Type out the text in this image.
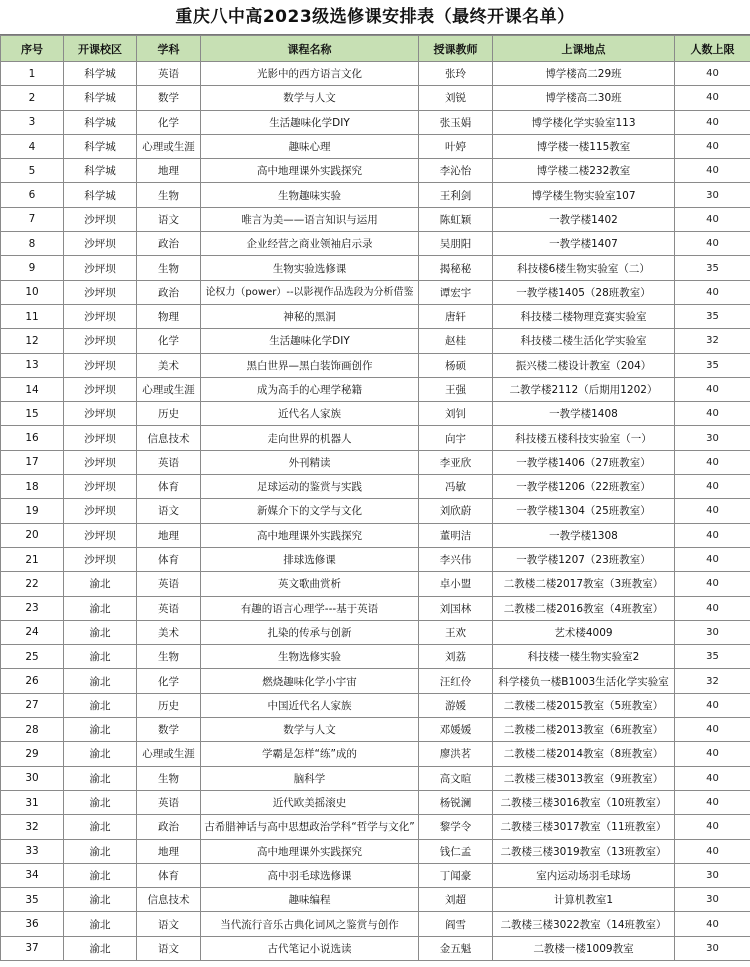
重庆八中高2023级选修课安排表（最终开课名单）
序号	开课校区	学科	课程名称	授课教师	上课地点	人数上限
1	科学城	英语	光影中的西方语言文化	张玲	博学楼高二29班	40
2	科学城	数学	数学与人文	刘锐	博学楼高二30班	40
3	科学城	化学	生活趣味化学DIY	张玉娟	博学楼化学实验室113	40
4	科学城	心理或生涯	趣味心理	叶婷	博学楼一楼115教室	40
5	科学城	地理	高中地理课外实践探究	李沁怡	博学楼二楼232教室	40
6	科学城	生物	生物趣味实验	王利剑	博学楼生物实验室107	30
7	沙坪坝	语文	唯言为美——语言知识与运用	陈虹颖	一教学楼1402	40
8	沙坪坝	政治	企业经营之商业领袖启示录	吴朋阳	一教学楼1407	40
9	沙坪坝	生物	生物实验选修课	揭秘秘	科技楼6楼生物实验室（二）	35
10	沙坪坝	政治	论权力（power）--以影视作品选段为分析借鉴	谭宏宇	一教学楼1405（28班教室）	40
11	沙坪坝	物理	神秘的黑洞	唐轩	科技楼二楼物理竞赛实验室	35
12	沙坪坝	化学	生活趣味化学DIY	赵桂	科技楼二楼生活化学实验室	32
13	沙坪坝	美术	黑白世界—黑白装饰画创作	杨硕	振兴楼二楼设计教室（204）	35
14	沙坪坝	心理或生涯	成为高手的心理学秘籍	王强	二教学楼2112（后期用1202）	40
15	沙坪坝	历史	近代名人家族	刘钊	一教学楼1408	40
16	沙坪坝	信息技术	走向世界的机器人	向宇	科技楼五楼科技实验室（一）	30
17	沙坪坝	英语	外刊精读	李亚欣	一教学楼1406（27班教室）	40
18	沙坪坝	体育	足球运动的鉴赏与实践	冯敏	一教学楼1206（22班教室）	40
19	沙坪坝	语文	新媒介下的文学与文化	刘欣蔚	一教学楼1304（25班教室）	40
20	沙坪坝	地理	高中地理课外实践探究	董明洁	一教学楼1308	40
21	沙坪坝	体育	排球选修课	李兴伟	一教学楼1207（23班教室）	40
22	渝北	英语	英文歌曲赏析	卓小盟	二教楼二楼2017教室（3班教室）	40
23	渝北	英语	有趣的语言心理学---基于英语	刘国林	二教楼二楼2016教室（4班教室）	40
24	渝北	美术	扎染的传承与创新	王欢	艺术楼4009	30
25	渝北	生物	生物选修实验	刘荔	科技楼一楼生物实验室2	35
26	渝北	化学	燃烧趣味化学小宇宙	汪红伶	科学楼负一楼B1003生活化学实验室	32
27	渝北	历史	中国近代名人家族	游媛	二教楼二楼2015教室（5班教室）	40
28	渝北	数学	数学与人文	邓媛媛	二教楼二楼2013教室（6班教室）	40
29	渝北	心理或生涯	学霸是怎样“练”成的	廖洪茗	二教楼二楼2014教室（8班教室）	40
30	渝北	生物	脑科学	高文暄	二教楼三楼3013教室（9班教室）	40
31	渝北	英语	近代欧美摇滚史	杨锐澜	二教楼三楼3016教室（10班教室）	40
32	渝北	政治	古希腊神话与高中思想政治学科“哲学与文化”	黎学令	二教楼三楼3017教室（11班教室）	40
33	渝北	地理	高中地理课外实践探究	钱仁孟	二教楼三楼3019教室（13班教室）	40
34	渝北	体育	高中羽毛球选修课	丁闻豪	室内运动场羽毛球场	30
35	渝北	信息技术	趣味编程	刘超	计算机教室1	30
36	渝北	语文	当代流行音乐古典化词风之鉴赏与创作	阎雪	二教楼三楼3022教室（14班教室）	40
37	渝北	语文	古代笔记小说选读	金五魁	二教楼一楼1009教室	30
